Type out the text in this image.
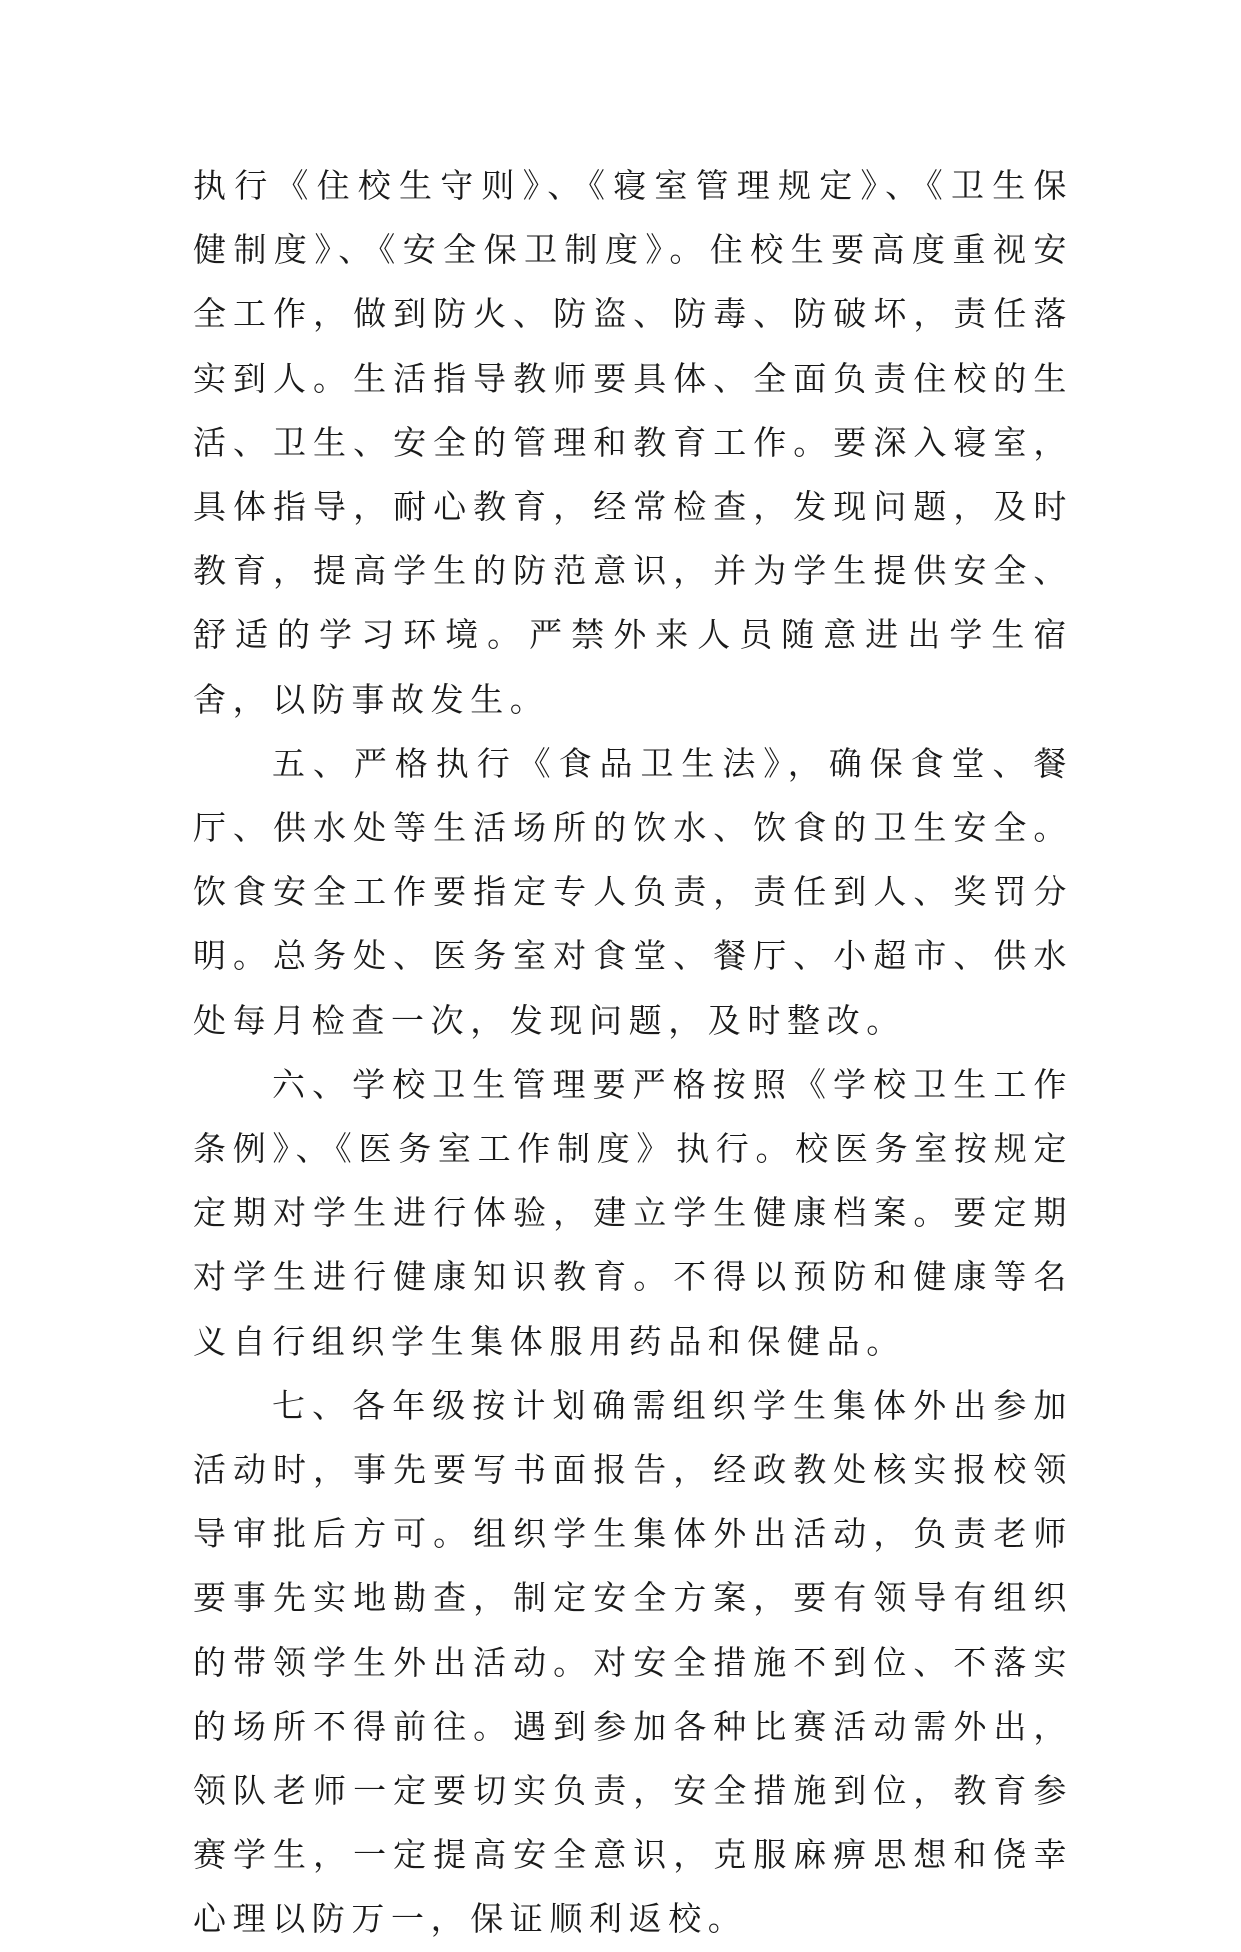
执行《住校生守则》、《寝室管理规定》、《卫生保健制度》、《安全保卫制度》。住校生要高度重视安全工作，做到防火、防盗、防毒、防破坏，责任落实到人。生活指导教师要具体、全面负责住校的生活、卫生、安全的管理和教育工作。要深入寝室，具体指导，耐心教育，经常检查，发现问题，及时教育，提高学生的防范意识，并为学生提供安全、舒适的学习环境。严禁外来人员随意进出学生宿舍，以防事故发生。

五、严格执行《食品卫生法》，确保食堂、餐厅、供水处等生活场所的饮水、饮食的卫生安全。饮食安全工作要指定专人负责，责任到人、奖罚分明。总务处、医务室对食堂、餐厅、小超市、供水处每月检查一次，发现问题，及时整改。

六、学校卫生管理要严格按照《学校卫生工作条例》、《医务室工作制度》执行。校医务室按规定定期对学生进行体验，建立学生健康档案。要定期对学生进行健康知识教育。不得以预防和健康等名义自行组织学生集体服用药品和保健品。

七、各年级按计划确需组织学生集体外出参加活动时，事先要写书面报告，经政教处核实报校领导审批后方可。组织学生集体外出活动，负责老师要事先实地勘查，制定安全方案，要有领导有组织的带领学生外出活动。对安全措施不到位、不落实的场所不得前往。遇到参加各种比赛活动需外出，领队老师一定要切实负责，安全措施到位，教育参赛学生，一定提高安全意识，克服麻痹思想和侥幸心理以防万一，保证顺利返校。
